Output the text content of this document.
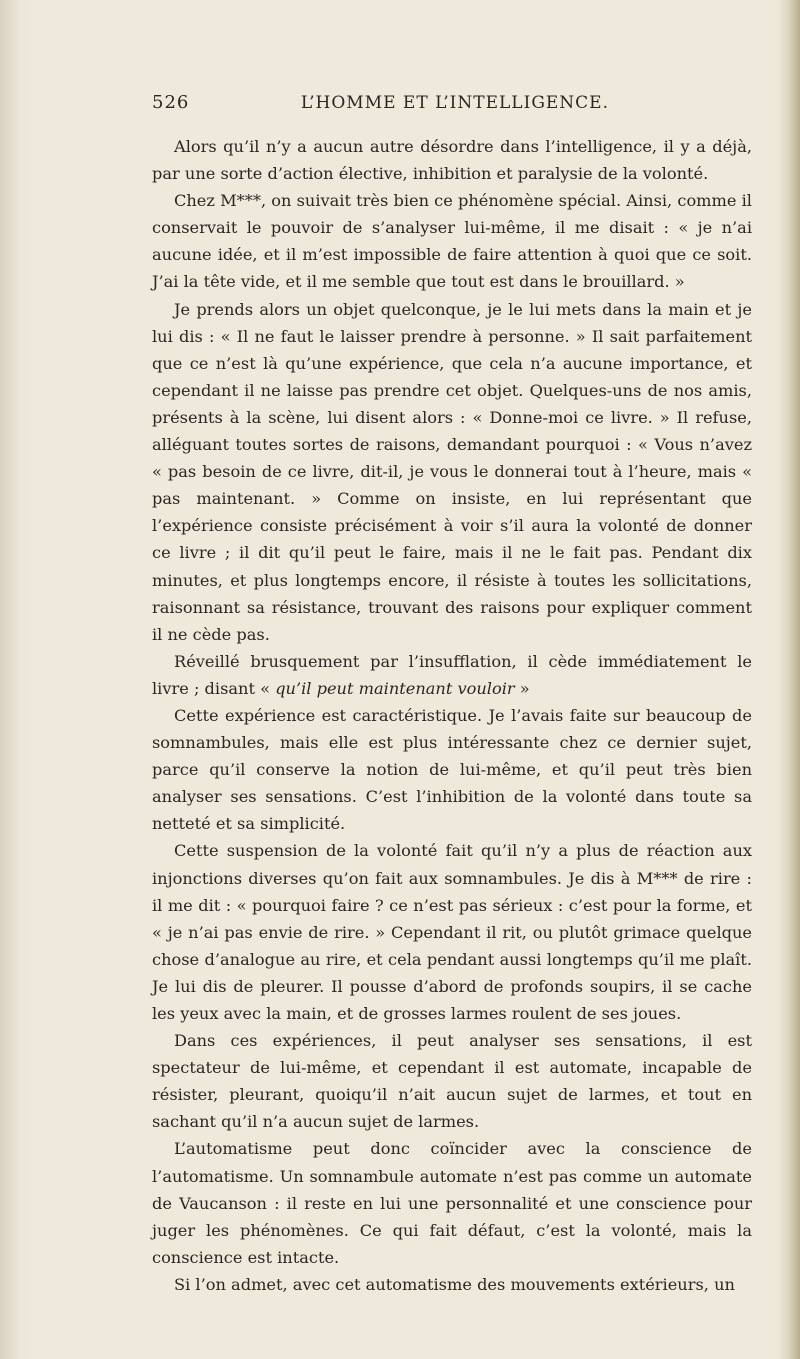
526	L’HOMME ET L’INTELLIGENCE.

Alors qu’il n’y a aucun autre désordre dans l’intelligence, il y a déjà, par une sorte d’action élective, inhibition et paralysie de la volonté.

Chez M***, on suivait très bien ce phénomène spécial. Ainsi, comme il conservait le pouvoir de s’analyser lui-même, il me disait : « je n’ai aucune idée, et il m’est impossible de faire attention à quoi que ce soit. J’ai la tête vide, et il me semble que tout est dans le brouillard. »

Je prends alors un objet quelconque, je le lui mets dans la main et je lui dis : « Il ne faut le laisser prendre à personne. » Il sait parfaitement que ce n’est là qu’une expérience, que cela n’a aucune importance, et cependant il ne laisse pas prendre cet objet. Quelques-uns de nos amis, présents à la scène, lui disent alors : « Donne-moi ce livre. » Il refuse, alléguant toutes sortes de raisons, demandant pourquoi : « Vous n’avez « pas besoin de ce livre, dit-il, je vous le donnerai tout à l’heure, mais « pas maintenant. » Comme on insiste, en lui représentant que l’expérience consiste précisément à voir s’il aura la volonté de donner ce livre ; il dit qu’il peut le faire, mais il ne le fait pas. Pendant dix minutes, et plus longtemps encore, il résiste à toutes les sollicitations, raisonnant sa résistance, trouvant des raisons pour expliquer comment il ne cède pas.

Réveillé brusquement par l’insufflation, il cède immédiatement le livre ; disant « qu’il peut maintenant vouloir »

Cette expérience est caractéristique. Je l’avais faite sur beaucoup de somnambules, mais elle est plus intéressante chez ce dernier sujet, parce qu’il conserve la notion de lui-même, et qu’il peut très bien analyser ses sensations. C’est l’inhibition de la volonté dans toute sa netteté et sa simplicité.

Cette suspension de la volonté fait qu’il n’y a plus de réaction aux injonctions diverses qu’on fait aux somnambules. Je dis à M*** de rire : il me dit : « pourquoi faire ? ce n’est pas sérieux : c’est pour la forme, et « je n’ai pas envie de rire. » Cependant il rit, ou plutôt grimace quelque chose d’analogue au rire, et cela pendant aussi longtemps qu’il me plaît. Je lui dis de pleurer. Il pousse d’abord de profonds soupirs, il se cache les yeux avec la main, et de grosses larmes roulent de ses joues.

Dans ces expériences, il peut analyser ses sensations, il est spectateur de lui-même, et cependant il est automate, incapable de résister, pleurant, quoiqu’il n’ait aucun sujet de larmes, et tout en sachant qu’il n’a aucun sujet de larmes.

L’automatisme peut donc coïncider avec la conscience de l’automatisme. Un somnambule automate n’est pas comme un automate de Vaucanson : il reste en lui une personnalité et une conscience pour juger les phénomènes. Ce qui fait défaut, c’est la volonté, mais la conscience est intacte.

Si l’on admet, avec cet automatisme des mouvements extérieurs, un
